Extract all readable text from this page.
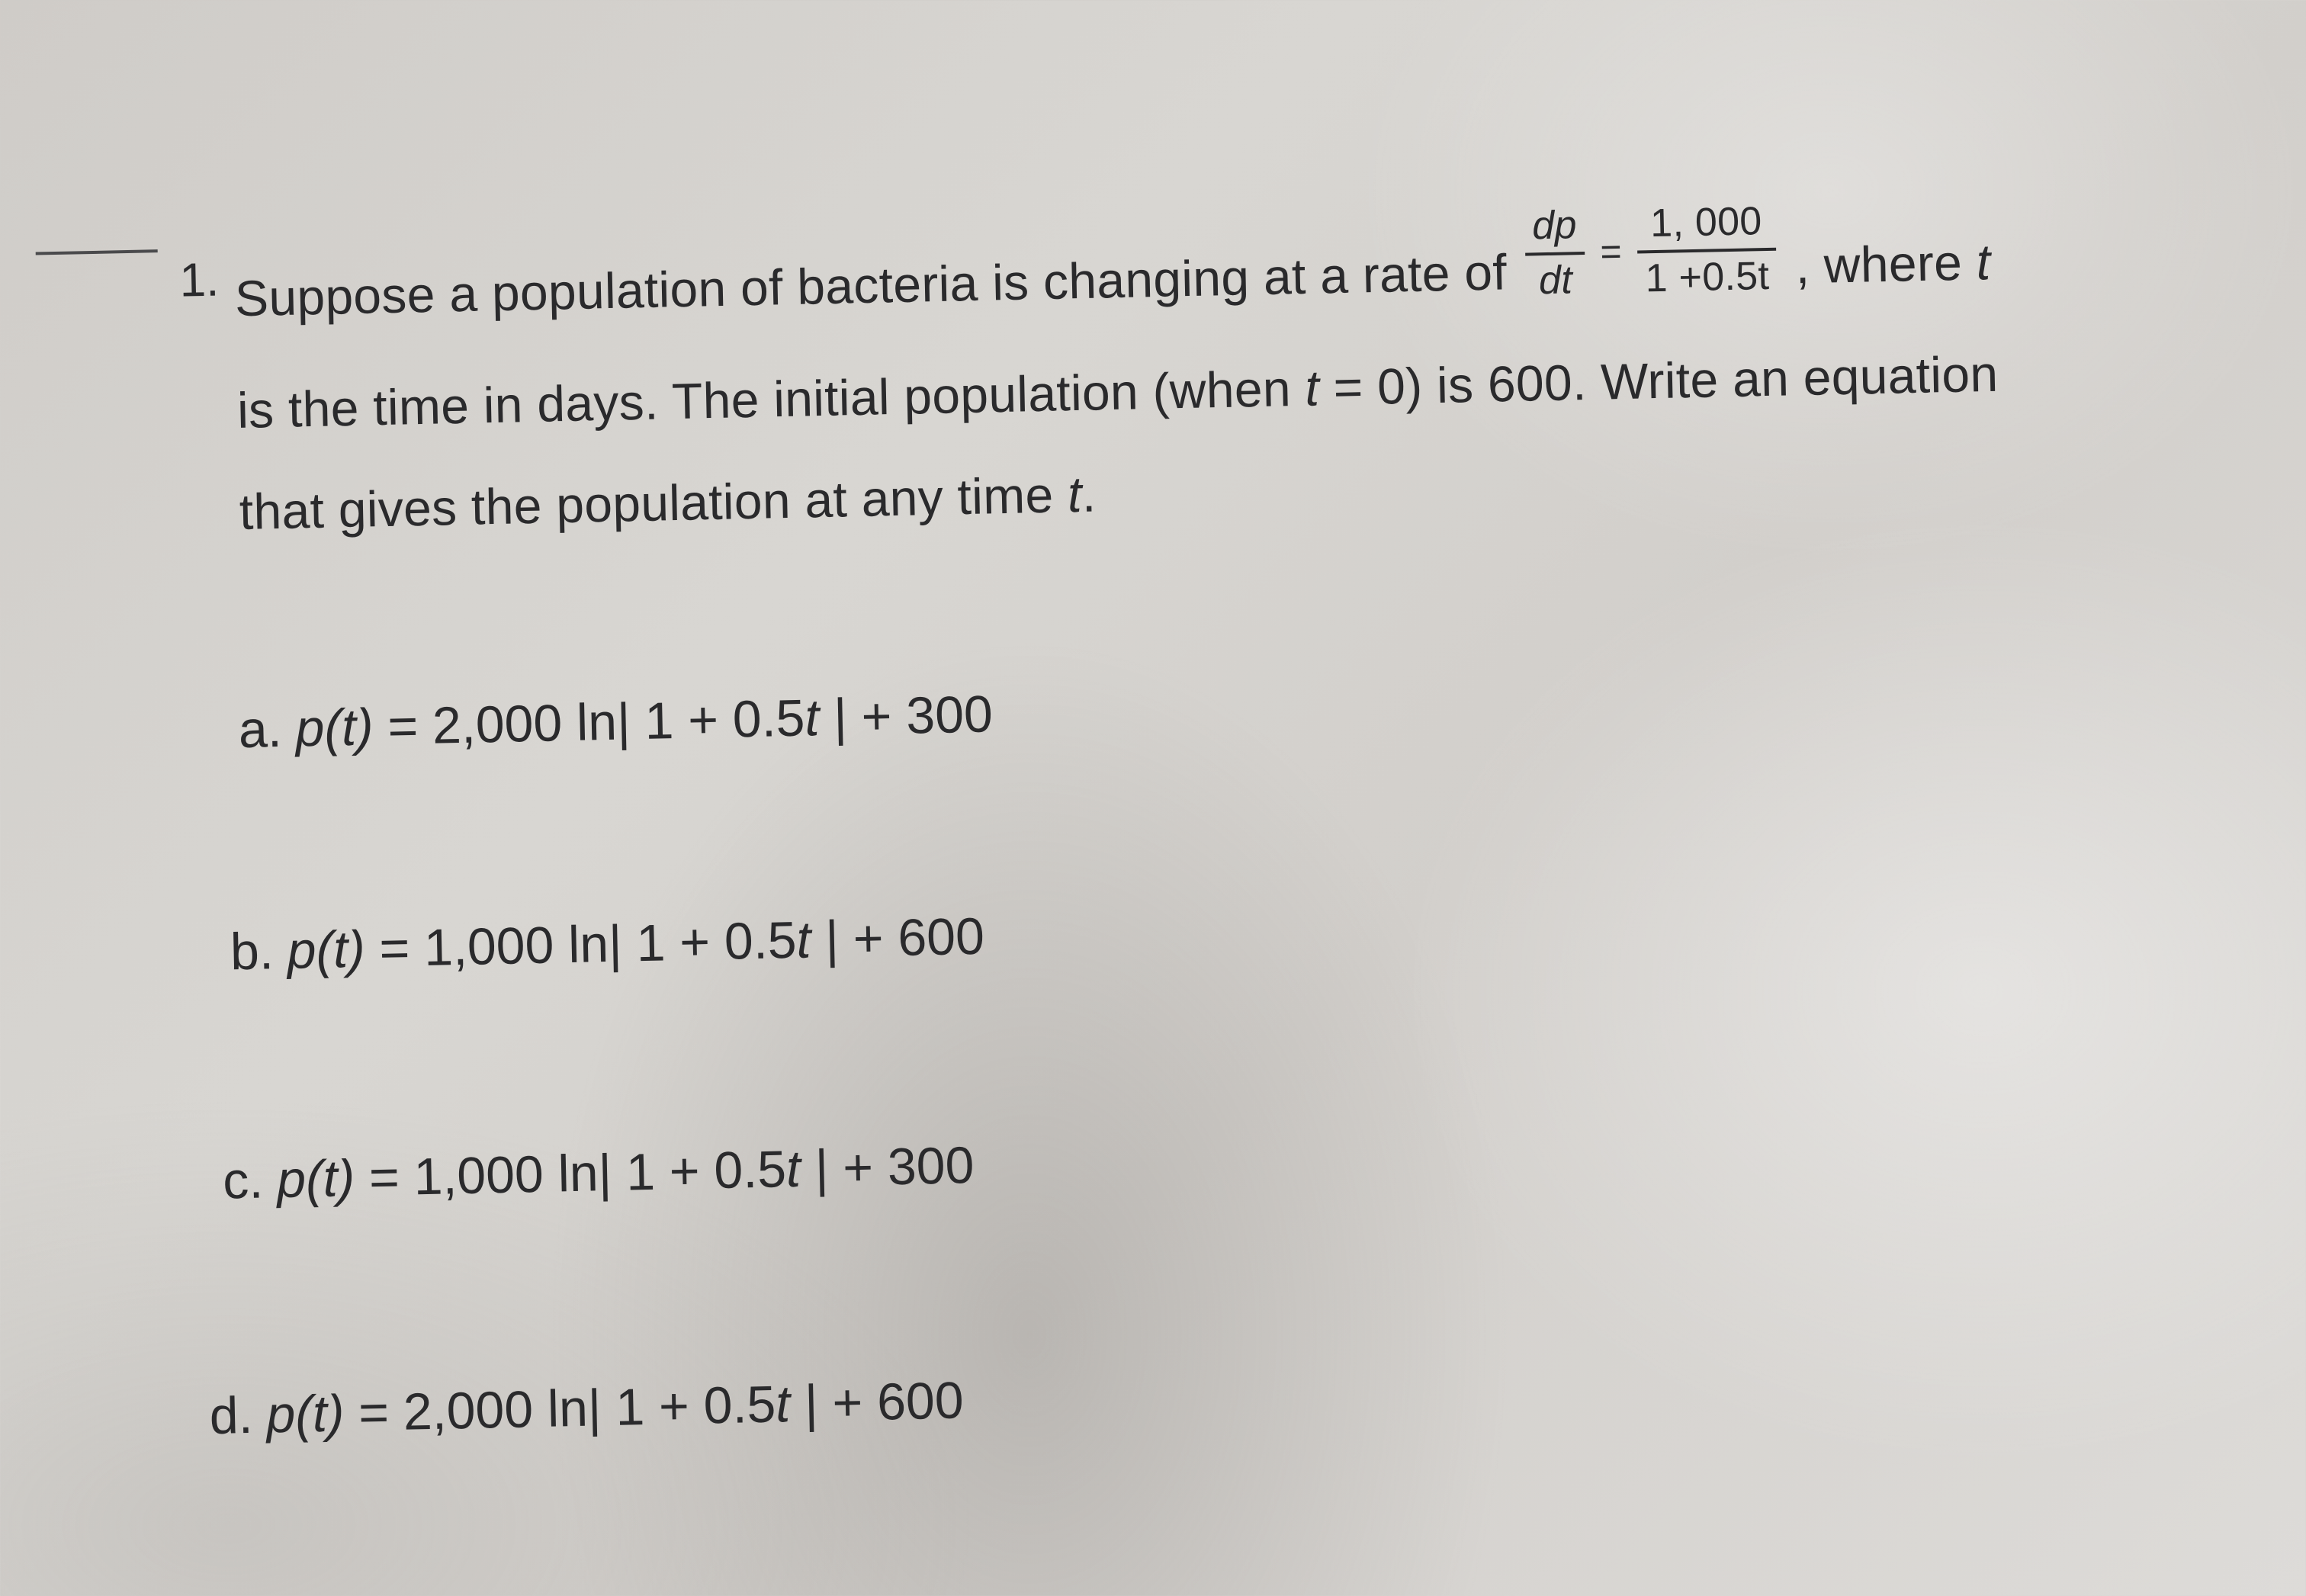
1. Suppose a population of bacteria is changing at a rate of $\frac{dp}{dt} = \frac{1, 000}{1 +0.5t}$ , where t
is the time in days. The initial population (when t = 0) is 600. Write an equation
that gives the population at any time t.
a. p(t) = 2,000 ln| 1 + 0.5t | + 300
b. p(t) = 1,000 ln| 1 + 0.5t | + 600
c. p(t) = 1,000 ln| 1 + 0.5t | + 300
d. p(t) = 2,000 ln| 1 + 0.5t | + 600
